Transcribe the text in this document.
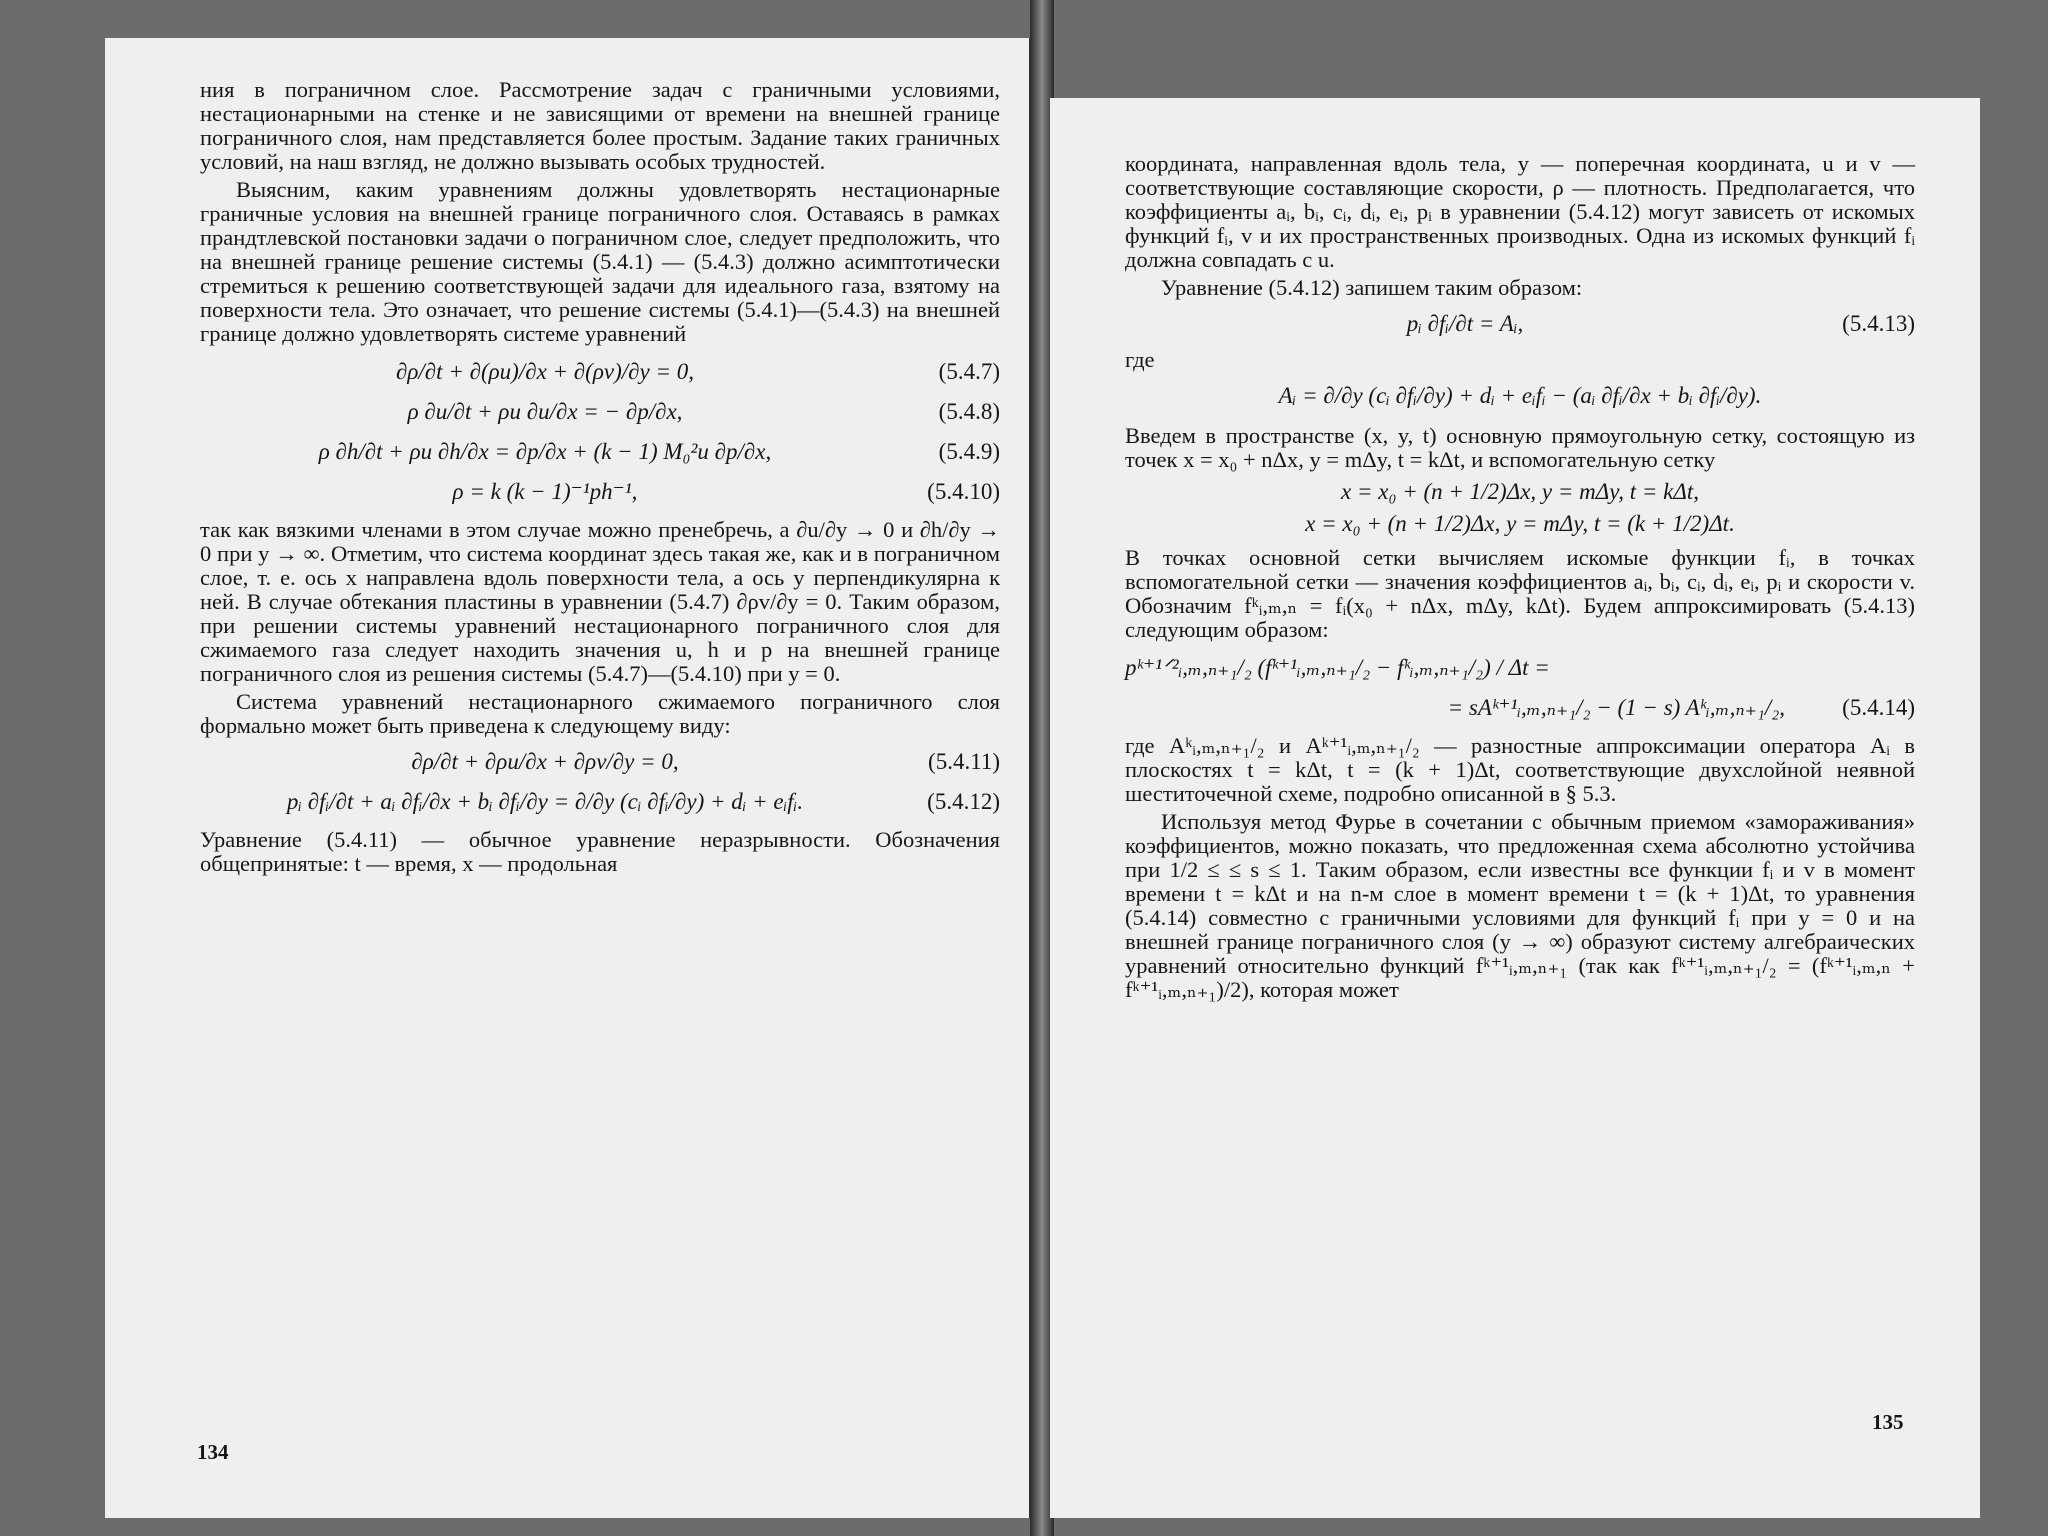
ния в пограничном слое. Рассмотрение задач с граничными условиями, нестационарными на стенке и не зависящими от времени на внешней границе пограничного слоя, нам представляется более простым. Задание таких граничных условий, на наш взгляд, не должно вызывать особых трудностей.

Выясним, каким уравнениям должны удовлетворять нестационарные граничные условия на внешней границе пограничного слоя. Оставаясь в рамках прандтлевской постановки задачи о пограничном слое, следует предположить, что на внешней границе решение системы (5.4.1) — (5.4.3) должно асимптотически стремиться к решению соответствующей задачи для идеального газа, взятому на поверхности тела. Это означает, что решение системы (5.4.1)—(5.4.3) на внешней границе должно удовлетворять системе уравнений

∂ρ/∂t + ∂(ρu)/∂x + ∂(ρv)/∂y = 0,	(5.4.7)
ρ ∂u/∂t + ρu ∂u/∂x = − ∂p/∂x,	(5.4.8)
ρ ∂h/∂t + ρu ∂h/∂x = ∂p/∂x + (k − 1) M₀²u ∂p/∂x,	(5.4.9)
ρ = k (k − 1)⁻¹ph⁻¹,	(5.4.10)

так как вязкими членами в этом случае можно пренебречь, а ∂u/∂y → 0 и ∂h/∂y → 0 при y → ∞. Отметим, что система координат здесь такая же, как и в пограничном слое, т. е. ось x направлена вдоль поверхности тела, а ось y перпендикулярна к ней. В случае обтекания пластины в уравнении (5.4.7) ∂ρv/∂y = 0. Таким образом, при решении системы уравнений нестационарного пограничного слоя для сжимаемого газа следует находить значения u, h и p на внешней границе пограничного слоя из решения системы (5.4.7)—(5.4.10) при y = 0.

Система уравнений нестационарного сжимаемого пограничного слоя формально может быть приведена к следующему виду:

∂ρ/∂t + ∂ρu/∂x + ∂ρv/∂y = 0,	(5.4.11)
pᵢ ∂fᵢ/∂t + aᵢ ∂fᵢ/∂x + bᵢ ∂fᵢ/∂y = ∂/∂y (cᵢ ∂fᵢ/∂y) + dᵢ + eᵢfᵢ.	(5.4.12)

Уравнение (5.4.11) — обычное уравнение неразрывности. Обозначения общепринятые: t — время, x — продольная

134

координата, направленная вдоль тела, y — поперечная координата, u и v — соответствующие составляющие скорости, ρ — плотность. Предполагается, что коэффициенты aᵢ, bᵢ, cᵢ, dᵢ, eᵢ, pᵢ в уравнении (5.4.12) могут зависеть от искомых функций fᵢ, v и их пространственных производных. Одна из искомых функций fᵢ должна совпадать с u.

Уравнение (5.4.12) запишем таким образом:

pᵢ ∂fᵢ/∂t = Aᵢ,	(5.4.13)

где

Aᵢ = ∂/∂y (cᵢ ∂fᵢ/∂y) + dᵢ + eᵢfᵢ − (aᵢ ∂fᵢ/∂x + bᵢ ∂fᵢ/∂y).

Введем в пространстве (x, y, t) основную прямоугольную сетку, состоящую из точек x = x₀ + nΔx, y = mΔy, t = kΔt, и вспомогательную сетку

x = x₀ + (n + 1/2)Δx, y = mΔy, t = kΔt,
x = x₀ + (n + 1/2)Δx, y = mΔy, t = (k + 1/2)Δt.

В точках основной сетки вычисляем искомые функции fᵢ, в точках вспомогательной сетки — значения коэффициентов aᵢ, bᵢ, cᵢ, dᵢ, eᵢ, pᵢ и скорости v. Обозначим fᵏᵢ,ₘ,ₙ = fᵢ(x₀ + nΔx, mΔy, kΔt). Будем аппроксимировать (5.4.13) следующим образом:

pᵏ⁺¹ᐟ²ᵢ,ₘ,ₙ₊₁/₂ (fᵏ⁺¹ᵢ,ₘ,ₙ₊₁/₂ − fᵏᵢ,ₘ,ₙ₊₁/₂) / Δt =
= sAᵏ⁺¹ᵢ,ₘ,ₙ₊₁/₂ − (1 − s) Aᵏᵢ,ₘ,ₙ₊₁/₂,	(5.4.14)

где Aᵏᵢ,ₘ,ₙ₊₁/₂ и Aᵏ⁺¹ᵢ,ₘ,ₙ₊₁/₂ — разностные аппроксимации оператора Aᵢ в плоскостях t = kΔt, t = (k + 1)Δt, соответствующие двухслойной неявной шеститочечной схеме, подробно описанной в § 5.3.

Используя метод Фурье в сочетании с обычным приемом «замораживания» коэффициентов, можно показать, что предложенная схема абсолютно устойчива при 1/2 ≤ ≤ s ≤ 1. Таким образом, если известны все функции fᵢ и v в момент времени t = kΔt и на n-м слое в момент времени t = (k + 1)Δt, то уравнения (5.4.14) совместно с граничными условиями для функций fᵢ при y = 0 и на внешней границе пограничного слоя (y → ∞) образуют систему алгебраических уравнений относительно функций fᵏ⁺¹ᵢ,ₘ,ₙ₊₁ (так как fᵏ⁺¹ᵢ,ₘ,ₙ₊₁/₂ = (fᵏ⁺¹ᵢ,ₘ,ₙ + fᵏ⁺¹ᵢ,ₘ,ₙ₊₁)/2), которая может

135
